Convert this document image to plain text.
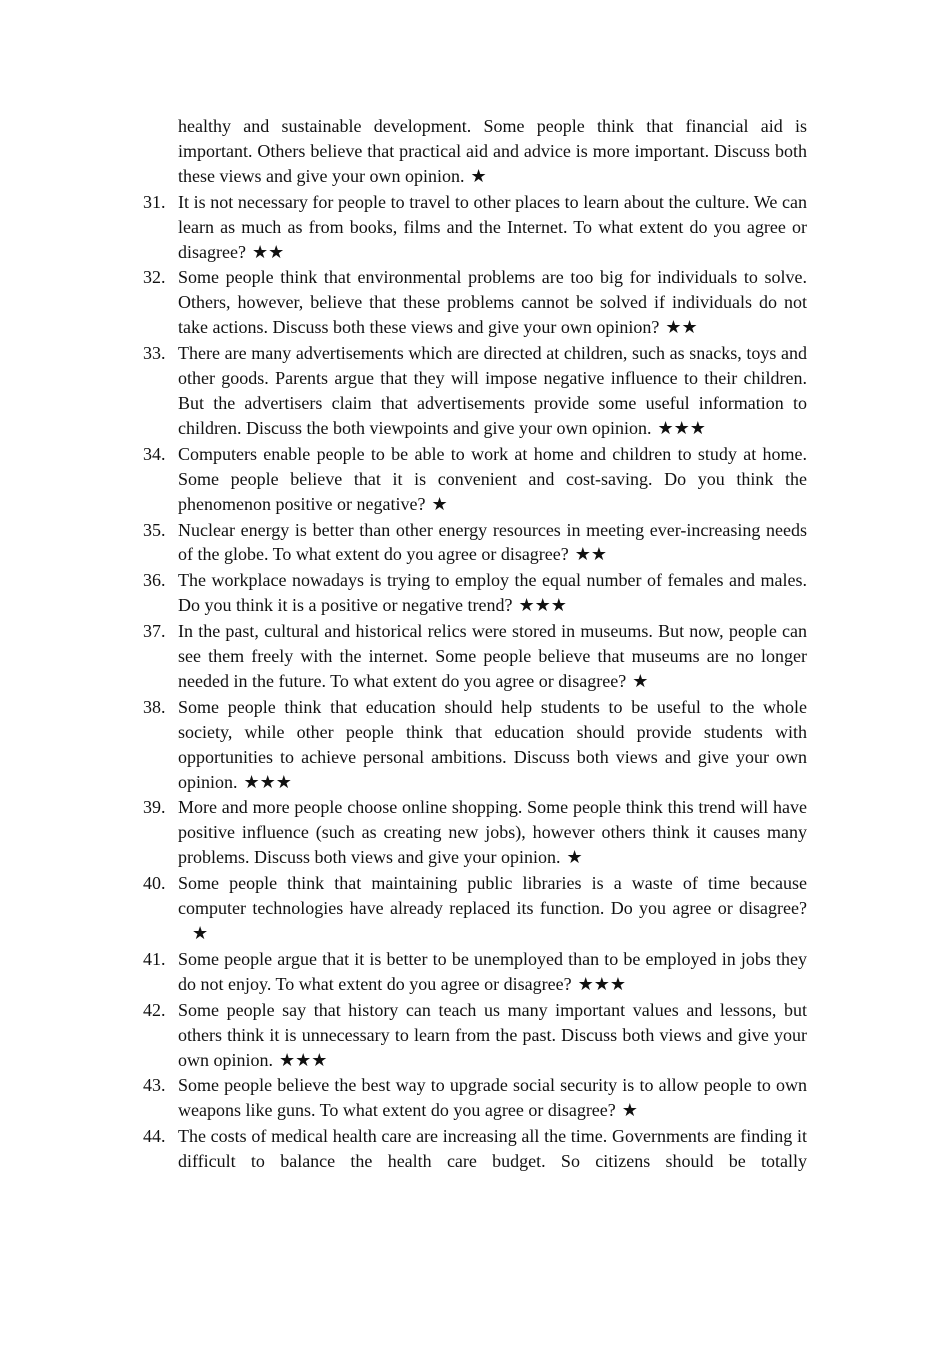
healthy and sustainable development. Some people think that financial aid is important. Others believe that practical aid and advice is more important. Discuss both these views and give your own opinion. ★

31. It is not necessary for people to travel to other places to learn about the culture. We can learn as much as from books, films and the Internet. To what extent do you agree or disagree? ★★

32. Some people think that environmental problems are too big for individuals to solve. Others, however, believe that these problems cannot be solved if individuals do not take actions. Discuss both these views and give your own opinion? ★★

33. There are many advertisements which are directed at children, such as snacks, toys and other goods. Parents argue that they will impose negative influence to their children. But the advertisers claim that advertisements provide some useful information to children. Discuss the both viewpoints and give your own opinion. ★★★

34. Computers enable people to be able to work at home and children to study at home. Some people believe that it is convenient and cost-saving. Do you think the phenomenon positive or negative? ★

35. Nuclear energy is better than other energy resources in meeting ever-increasing needs of the globe. To what extent do you agree or disagree? ★★

36. The workplace nowadays is trying to employ the equal number of females and males. Do you think it is a positive or negative trend? ★★★

37. In the past, cultural and historical relics were stored in museums. But now, people can see them freely with the internet. Some people believe that museums are no longer needed in the future. To what extent do you agree or disagree? ★

38. Some people think that education should help students to be useful to the whole society, while other people think that education should provide students with opportunities to achieve personal ambitions. Discuss both views and give your own opinion. ★★★

39. More and more people choose online shopping. Some people think this trend will have positive influence (such as creating new jobs), however others think it causes many problems. Discuss both views and give your opinion. ★

40. Some people think that maintaining public libraries is a waste of time because computer technologies have already replaced its function. Do you agree or disagree?★

41. Some people argue that it is better to be unemployed than to be employed in jobs they do not enjoy. To what extent do you agree or disagree? ★★★

42. Some people say that history can teach us many important values and lessons, but others think it is unnecessary to learn from the past. Discuss both views and give your own opinion. ★★★

43. Some people believe the best way to upgrade social security is to allow people to own weapons like guns. To what extent do you agree or disagree? ★

44. The costs of medical health care are increasing all the time. Governments are finding it difficult to balance the health care budget. So citizens should be totally
